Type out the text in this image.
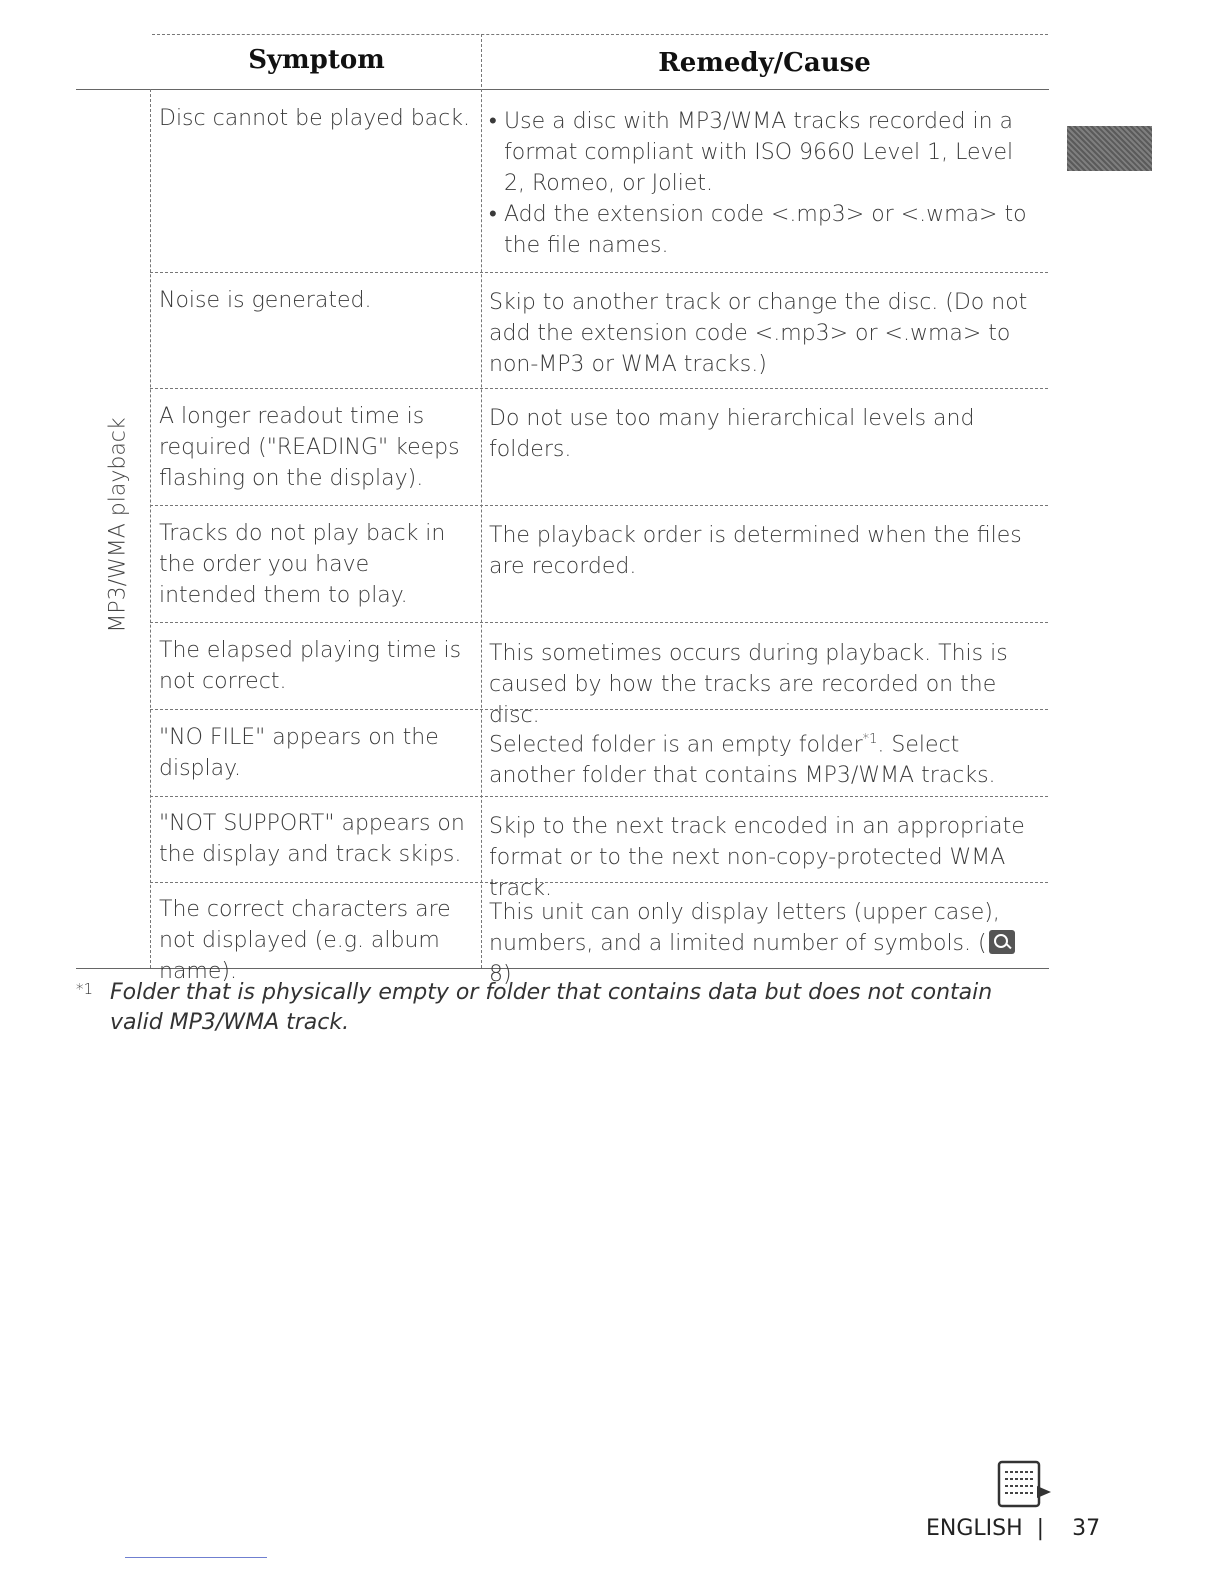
Symptom	Remedy/Cause
MP3/WMA playback
Disc cannot be played back.
•	Use a disc with MP3/WMA tracks recorded in a format compliant with ISO 9660 Level 1, Level 2, Romeo, or Joliet.
• Add the extension code <.mp3> or <.wma> to the file names.
Noise is generated.	Skip to another track or change the disc. (Do not add the extension code <.mp3> or <.wma> to non-MP3 or WMA tracks.)
A longer readout time is required ("READING" keeps flashing on the display).
Do not use too many hierarchical levels and folders.
Tracks do not play back in the order you have intended them to play.
The playback order is determined when the files are recorded.
The elapsed playing time is not correct.
This sometimes occurs during playback. This is caused by how the tracks are recorded on the disc.
"NO FILE" appears on the display.
Selected folder is an empty folder$^{*1}$. Select another folder that contains MP3/WMA tracks.
"NOT SUPPORT" appears on the display and track skips.
Skip to the next track encoded in an appropriate format or to the next non-copy-protected WMA track.
The correct characters are not displayed (e.g. album name).
This unit can only display letters (upper case), numbers, and a limited number of symbols. (8)
*1 Folder that is physically empty or folder that contains data but does not contain valid MP3/WMA track.
ENGLISH | 37
